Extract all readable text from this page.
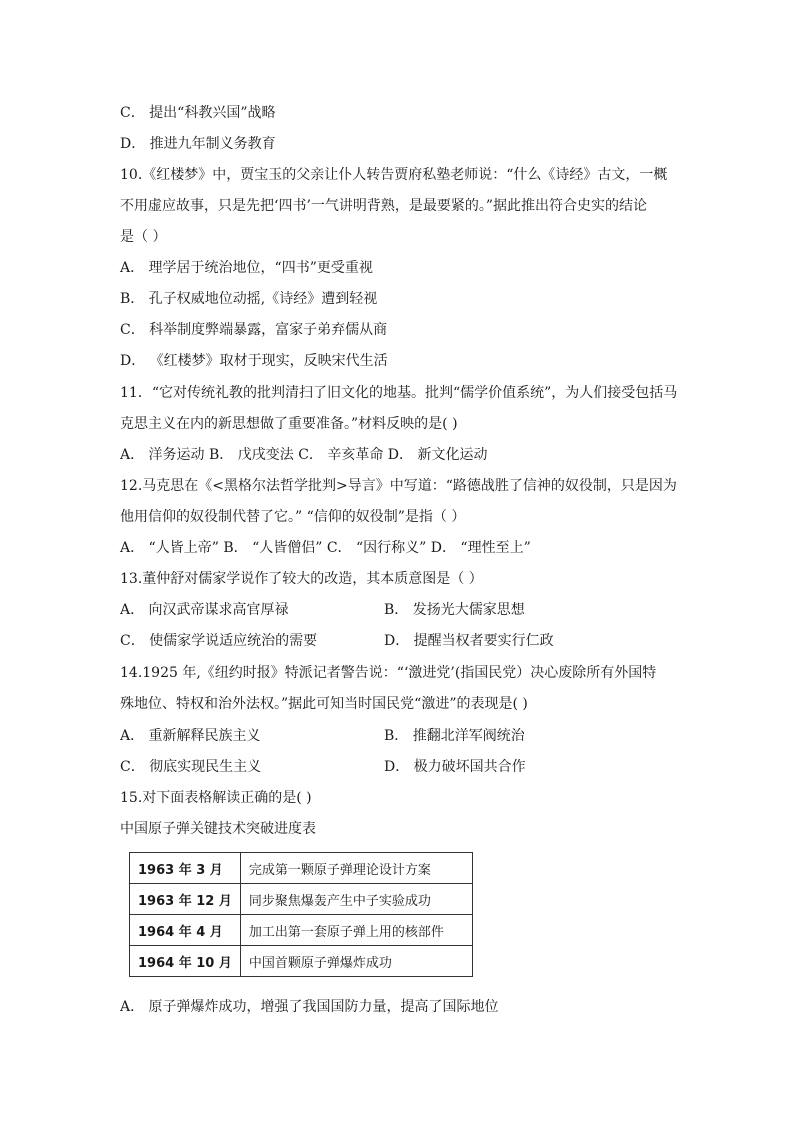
C． 提出“科教兴国”战略
D． 推进九年制义务教育
10.《红楼梦》中，贾宝玉的父亲让仆人转告贾府私塾老师说：“什么《诗经》古文，一概
不用虚应故事，只是先把‘四书’一气讲明背熟，是最要紧的。”据此推出符合史实的结论
是（ ）
A． 理学居于统治地位，“四书”更受重视
B． 孔子权威地位动摇,《诗经》遭到轻视
C． 科举制度弊端暴露，富家子弟弃儒从商
D． 《红楼梦》取材于现实，反映宋代生活
11．“它对传统礼教的批判清扫了旧文化的地基。批判“儒学价值系统”，为人们接受包括马
克思主义在内的新思想做了重要准备。”材料反映的是( )
A． 洋务运动 B． 戊戌变法 C． 辛亥革命 D． 新文化运动
12.马克思在《<黑格尔法哲学批判>导言》中写道：“路德战胜了信神的奴役制，只是因为
他用信仰的奴役制代替了它。” “信仰的奴役制”是指（ ）
A． “人皆上帝” B． “人皆僧侣” C． “因行称义” D． “理性至上”
13.董仲舒对儒家学说作了较大的改造，其本质意图是（ ）
A． 向汉武帝谋求高官厚禄	B． 发扬光大儒家思想
C． 使儒家学说适应统治的需要	D． 提醒当权者要实行仁政
14.1925 年,《纽约时报》特派记者警告说：“‘激进党’(指国民党）决心废除所有外国特
殊地位、特权和治外法权。”据此可知当时国民党“激进”的表现是( )
A． 重新解释民族主义	B． 推翻北洋军阀统治
C． 彻底实现民生主义	D． 极力破坏国共合作
15.对下面表格解读正确的是( )
中国原子弹关键技术突破进度表
1963 年 3 月	完成第一颗原子弹理论设计方案
1963 年 12 月	同步聚焦爆轰产生中子实验成功
1964 年 4 月	加工出第一套原子弹上用的核部件
1964 年 10 月	中国首颗原子弹爆炸成功
A． 原子弹爆炸成功，增强了我国国防力量，提高了国际地位
